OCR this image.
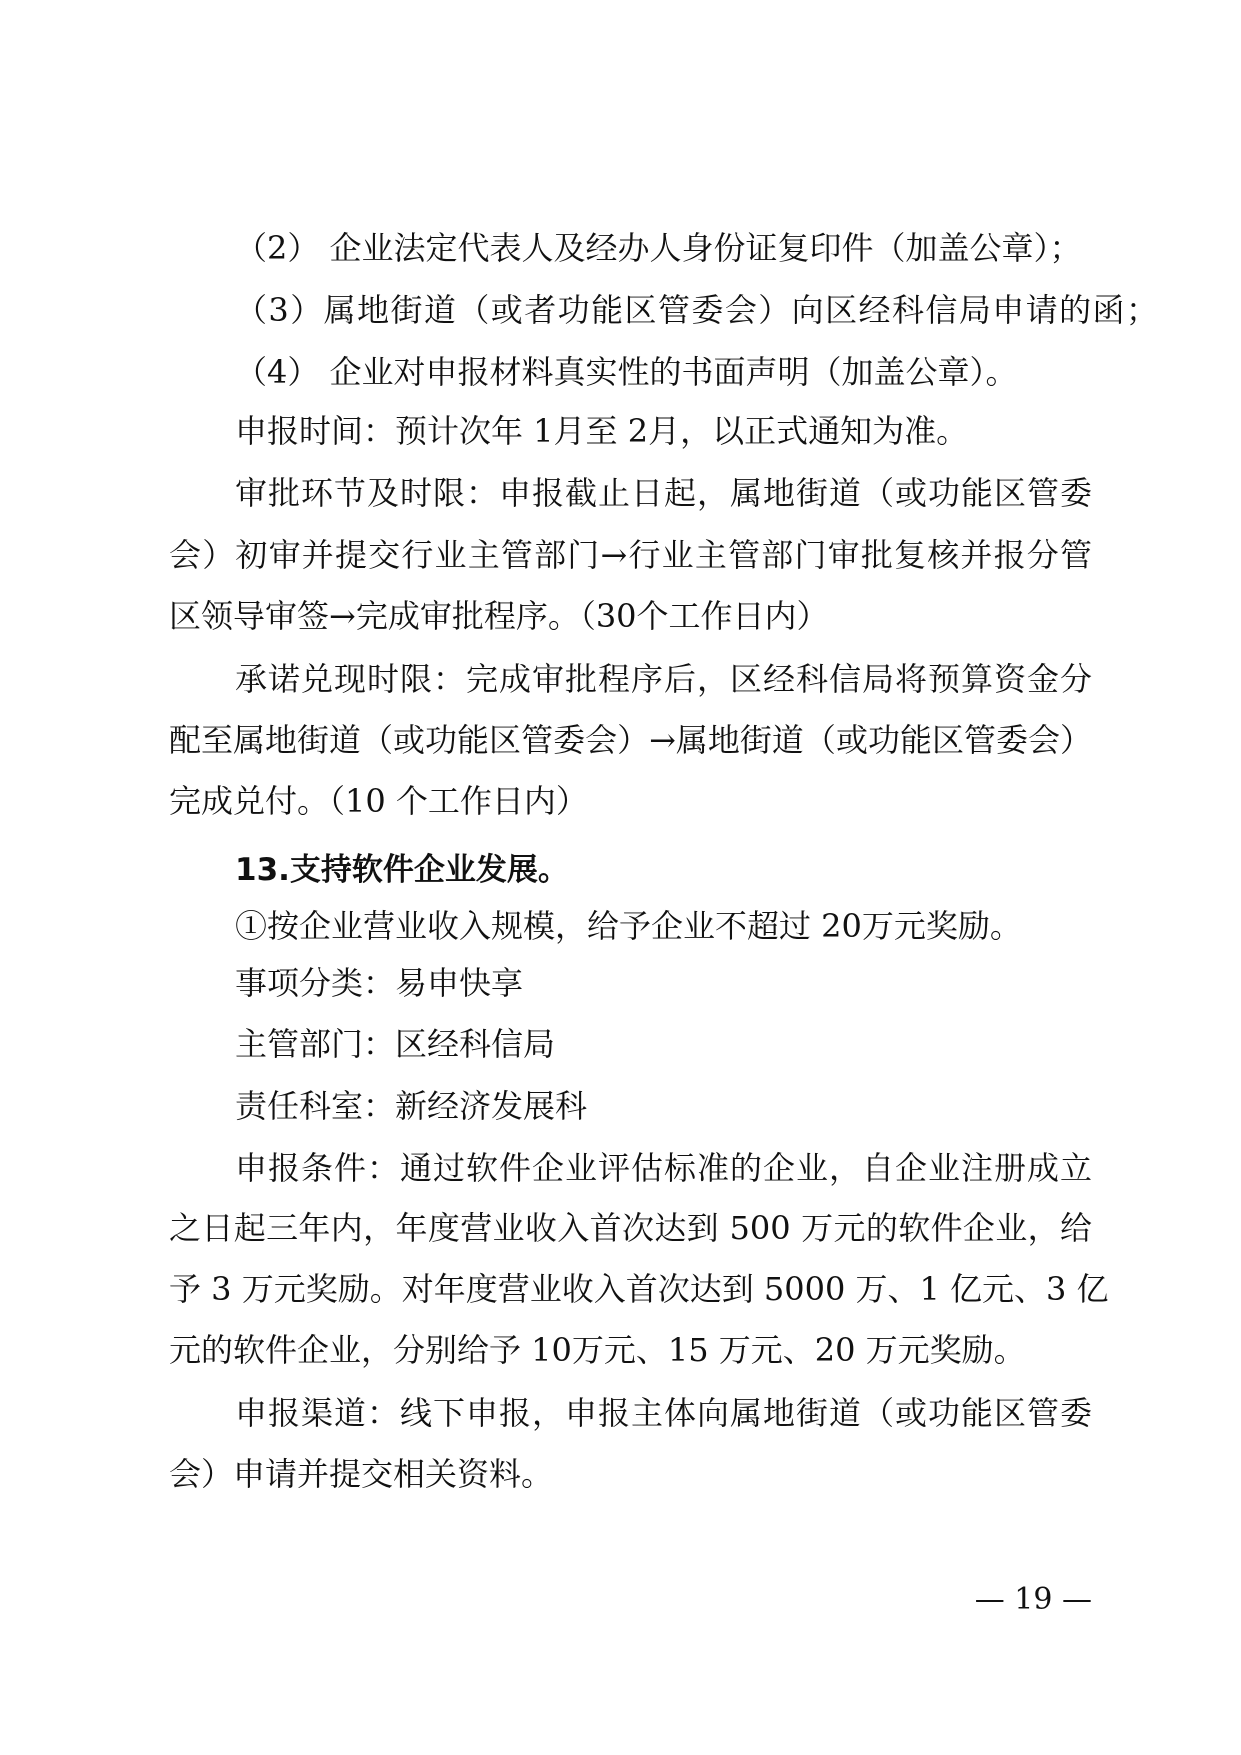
（2） 企业法定代表人及经办人身份证复印件（加盖公章）；
（3）属地街道（或者功能区管委会）向区经科信局申请的函；
（4） 企业对申报材料真实性的书面声明（加盖公章）。
申报时间：预计次年 1月至 2月，以正式通知为准。
审批环节及时限：申报截止日起，属地街道（或功能区管委
会）初审并提交行业主管部门→行业主管部门审批复核并报分管
区领导审签→完成审批程序。（30个工作日内）
承诺兑现时限：完成审批程序后，区经科信局将预算资金分
配至属地街道（或功能区管委会）→属地街道（或功能区管委会）
完成兑付。（10 个工作日内）
13.支持软件企业发展。
①按企业营业收入规模，给予企业不超过 20万元奖励。
事项分类：易申快享
主管部门：区经科信局
责任科室：新经济发展科
申报条件：通过软件企业评估标准的企业，自企业注册成立
之日起三年内，年度营业收入首次达到 500 万元的软件企业，给
予 3 万元奖励。对年度营业收入首次达到 5000 万、1 亿元、3 亿
元的软件企业，分别给予 10万元、15 万元、20 万元奖励。
申报渠道：线下申报，申报主体向属地街道（或功能区管委
会）申请并提交相关资料。
— 19 —
